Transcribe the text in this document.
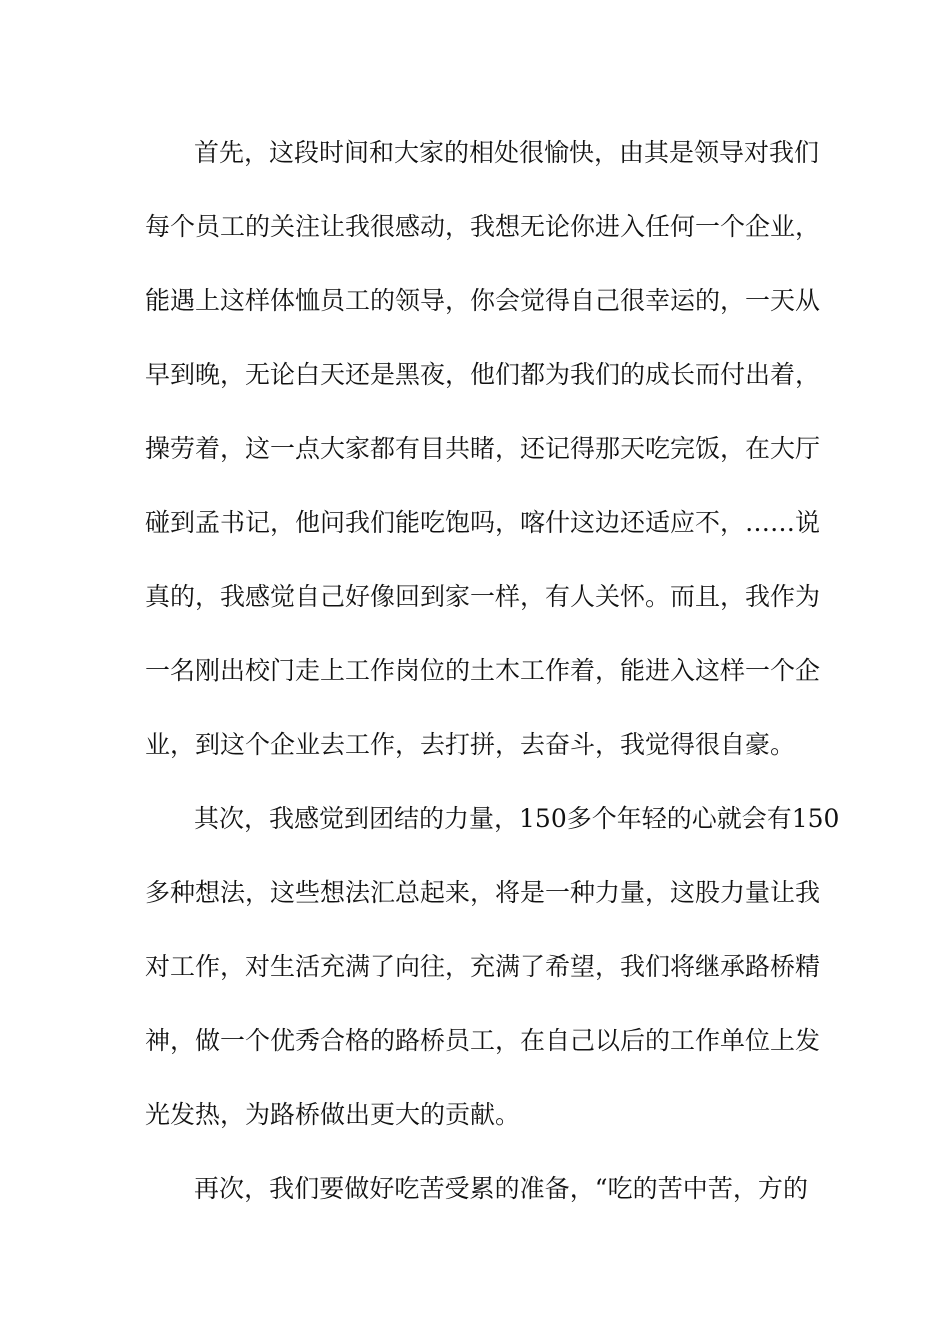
首先，这段时间和大家的相处很愉快，由其是领导对我们
每个员工的关注让我很感动，我想无论你进入任何一个企业，
能遇上这样体恤员工的领导，你会觉得自己很幸运的，一天从
早到晚，无论白天还是黑夜，他们都为我们的成长而付出着，
操劳着，这一点大家都有目共睹，还记得那天吃完饭，在大厅
碰到孟书记，他问我们能吃饱吗，喀什这边还适应不，……说
真的，我感觉自己好像回到家一样，有人关怀。而且，我作为
一名刚出校门走上工作岗位的土木工作着，能进入这样一个企
业，到这个企业去工作，去打拼，去奋斗，我觉得很自豪。
其次，我感觉到团结的力量，150多个年轻的心就会有150
多种想法，这些想法汇总起来，将是一种力量，这股力量让我
对工作，对生活充满了向往，充满了希望，我们将继承路桥精
神，做一个优秀合格的路桥员工，在自己以后的工作单位上发
光发热，为路桥做出更大的贡献。
再次，我们要做好吃苦受累的准备，“吃的苦中苦，方的
